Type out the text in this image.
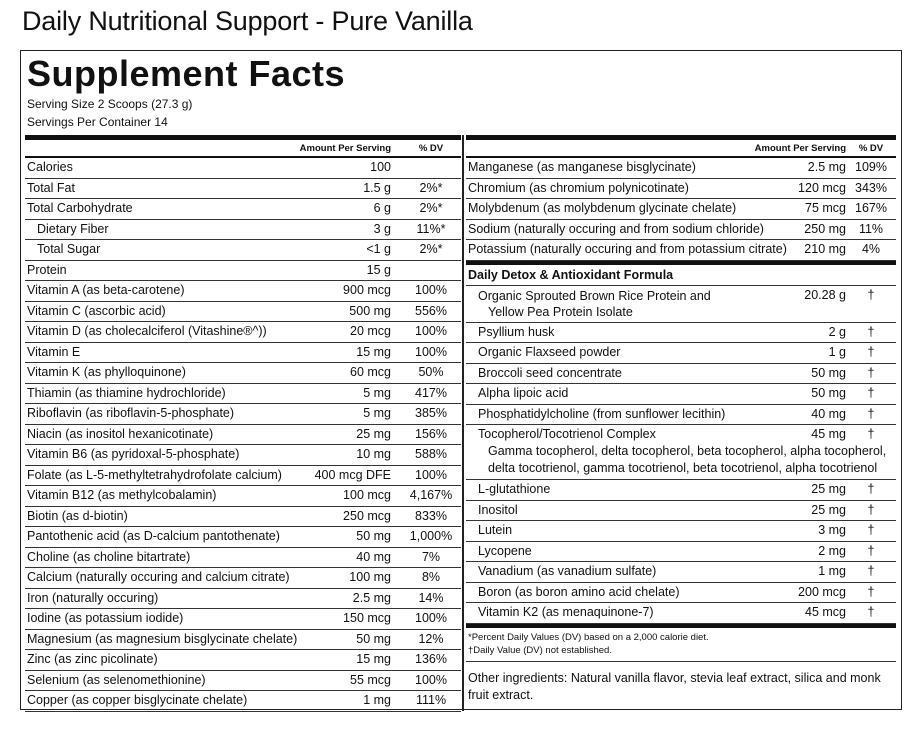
Daily Nutritional Support - Pure Vanilla
Supplement Facts
Serving Size 2 Scoops (27.3 g)
Servings Per Container 14
Amount Per Serving	% DV
Calories	100
Total Fat	1.5 g	2%*
Total Carbohydrate	6 g	2%*
Dietary Fiber	3 g	11%*
Total Sugar	<1 g	2%*
Protein	15 g
Vitamin A (as beta-carotene)	900 mcg	100%
Vitamin C (ascorbic acid)	500 mg	556%
Vitamin D (as cholecalciferol (Vitashine®^))	20 mcg	100%
Vitamin E	15 mg	100%
Vitamin K (as phylloquinone)	60 mcg	50%
Thiamin (as thiamine hydrochloride)	5 mg	417%
Riboflavin (as riboflavin-5-phosphate)	5 mg	385%
Niacin (as inositol hexanicotinate)	25 mg	156%
Vitamin B6 (as pyridoxal-5-phosphate)	10 mg	588%
Folate (as L-5-methyltetrahydrofolate calcium)	400 mcg DFE	100%
Vitamin B12 (as methylcobalamin)	100 mcg	4,167%
Biotin (as d-biotin)	250 mcg	833%
Pantothenic acid (as D-calcium pantothenate)	50 mg	1,000%
Choline (as choline bitartrate)	40 mg	7%
Calcium (naturally occuring and calcium citrate)	100 mg	8%
Iron (naturally occuring)	2.5 mg	14%
Iodine (as potassium iodide)	150 mcg	100%
Magnesium (as magnesium bisglycinate chelate)	50 mg	12%
Zinc (as zinc picolinate)	15 mg	136%
Selenium (as selenomethionine)	55 mcg	100%
Copper (as copper bisglycinate chelate)	1 mg	111%
Amount Per Serving	% DV
Manganese (as manganese bisglycinate)	2.5 mg 109%
Chromium (as chromium polynicotinate)	120 mcg 343%
Molybdenum (as molybdenum glycinate chelate)	75 mcg 167%
Sodium (naturally occuring and from sodium chloride)	250 mg	11%
Potassium (naturally occuring and from potassium citrate) 210 mg	4%
Daily Detox & Antioxidant Formula
Organic Sprouted Brown Rice Protein and	20.28 g	†
Yellow Pea Protein Isolate
Psyllium husk	2 g	†
Organic Flaxseed powder	1 g	†
Broccoli seed concentrate	50 mg	†
Alpha lipoic acid	50 mg	†
Phosphatidylcholine (from sunflower lecithin)	40 mg	†
Tocopherol/Tocotrienol Complex	45 mg	†
Gamma tocopherol, delta tocopherol, beta tocopherol, alpha tocopherol,
delta tocotrienol, gamma tocotrienol, beta tocotrienol, alpha tocotrienol
L-glutathione	25 mg	†
Inositol	25 mg	†
Lutein	3 mg	†
Lycopene	2 mg	†
Vanadium (as vanadium sulfate)	1 mg	†
Boron (as boron amino acid chelate)	200 mcg	†
Vitamin K2 (as menaquinone-7)	45 mcg	†
*Percent Daily Values (DV) based on a 2,000 calorie diet.
†Daily Value (DV) not established.
Other ingredients: Natural vanilla flavor, stevia leaf extract, silica and monk fruit extract.
